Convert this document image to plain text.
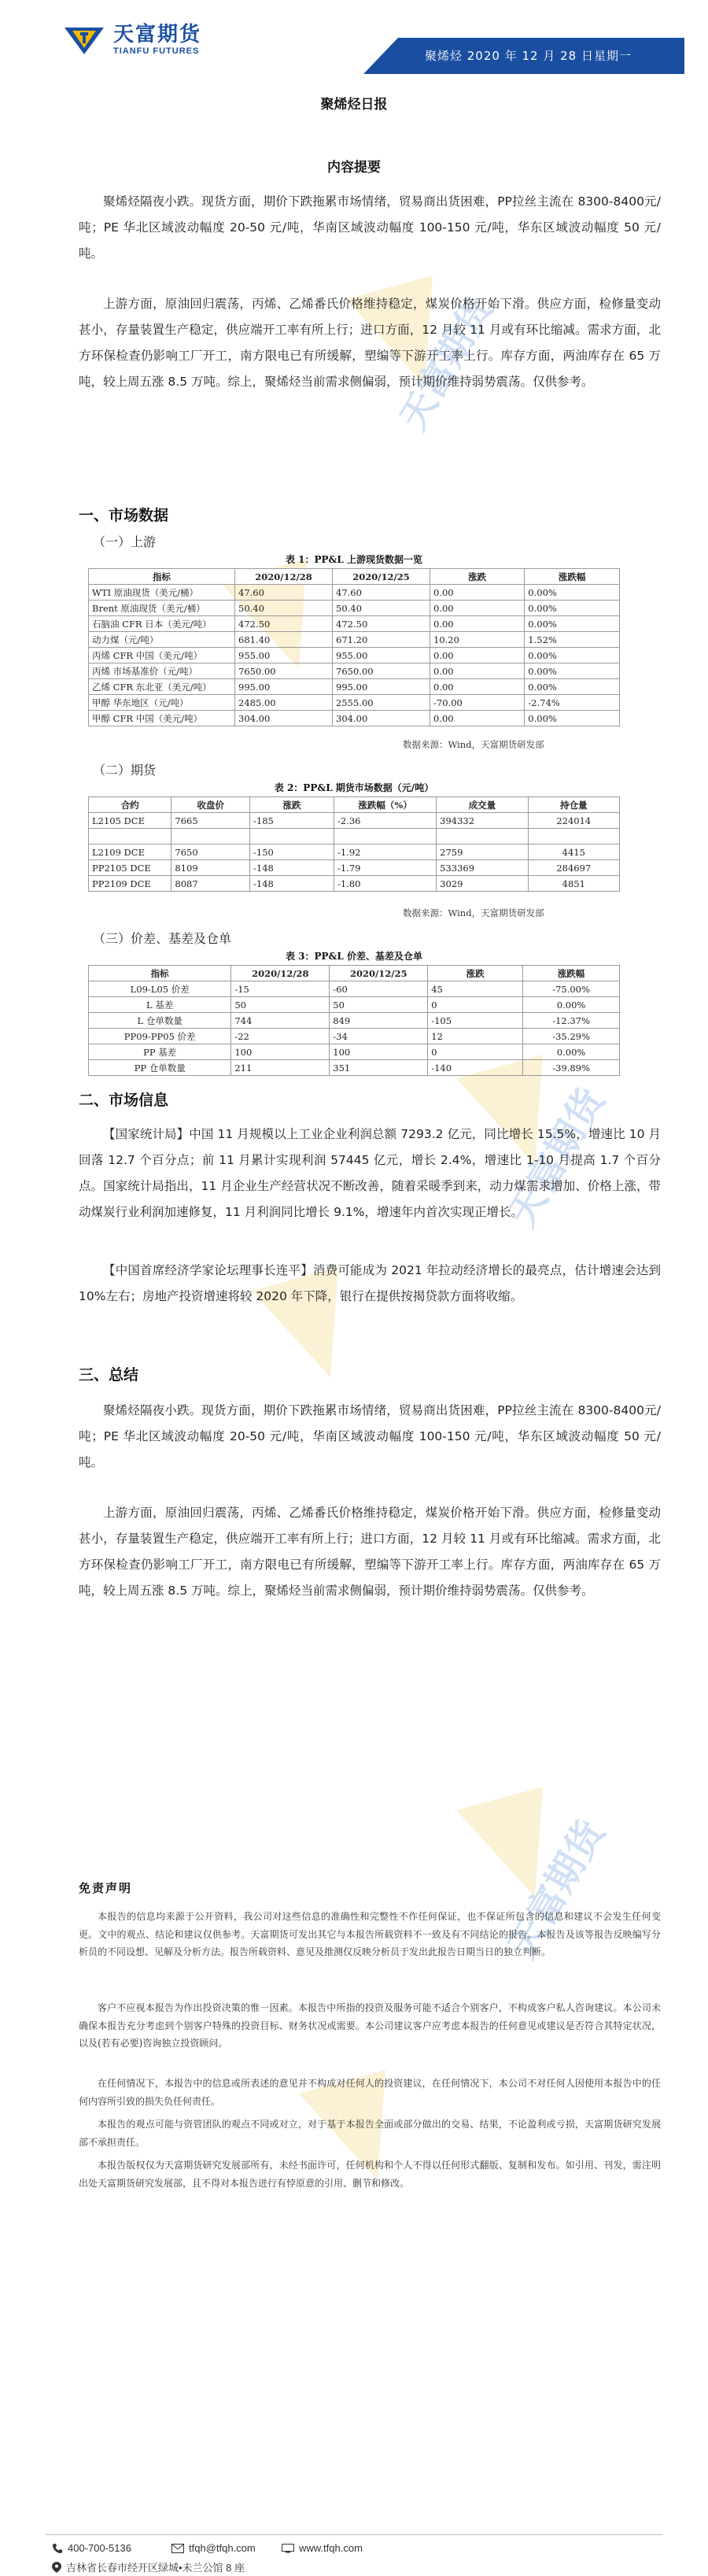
天富期货
TIANFU FUTURES	聚烯烃 2020 年 12 月 28 日星期一
天富期货
天富期货
天富期货
聚烯烃日报
内容提要
聚烯烃隔夜小跌。现货方面，期价下跌拖累市场情绪，贸易商出货困难，PP拉丝主流在 8300-8400元/吨；PE 华北区域波动幅度 20-50 元/吨，华南区域波动幅度 100-150 元/吨，华东区域波动幅度 50 元/吨。
上游方面，原油回归震荡，丙烯、乙烯番氏价格维持稳定，煤炭价格开始下滑。供应方面，检修量变动甚小，存量装置生产稳定，供应端开工率有所上行；进口方面，12 月较 11 月或有环比缩减。需求方面，北方环保检查仍影响工厂开工，南方限电已有所缓解，塑编等下游开工率上行。库存方面，两油库存在 65 万吨，较上周五涨 8.5 万吨。综上，聚烯烃当前需求侧偏弱，预计期价维持弱势震荡。仅供参考。
一、市场数据
（一）上游
表 1：PP&L 上游现货数据一览
指标	2020/12/28	2020/12/25	涨跌	涨跌幅
WTI 原油现货（美元/桶）	47.60	47.60	0.00	0.00%
Brent 原油现货（美元/桶）	50.40	50.40	0.00	0.00%
石脑油 CFR 日本（美元/吨）	472.50	472.50	0.00	0.00%
动力煤（元/吨）	681.40	671.20	10.20	1.52%
丙烯 CFR 中国（美元/吨）	955.00	955.00	0.00	0.00%
丙烯 市场基准价（元/吨）	7650.00	7650.00	0.00	0.00%
乙烯 CFR 东北亚（美元/吨）	995.00	995.00	0.00	0.00%
甲醇 华东地区（元/吨）	2485.00	2555.00	-70.00	-2.74%
甲醇 CFR 中国（美元/吨）	304.00	304.00	0.00	0.00%
数据来源：Wind，天富期货研发部
（二）期货
表 2：PP&L 期货市场数据（元/吨）
合约	收盘价	涨跌	涨跌幅（%）	成交量	持仓量
L2105 DCE	7665	-185	-2.36	394332	224014

L2109 DCE	7650	-150	-1.92	2759	4415
PP2105 DCE	8109	-148	-1.79	533369	284697
PP2109 DCE	8087	-148	-1.80	3029	4851
数据来源：Wind，天富期货研发部
（三）价差、基差及仓单
表 3：PP&L 价差、基差及仓单
指标	2020/12/28	2020/12/25	涨跌	涨跌幅
L09-L05 价差	-15	-60	45	-75.00%
L 基差	50	50	0	0.00%
L 仓单数量	744	849	-105	-12.37%
PP09-PP05 价差	-22	-34	12	-35.29%
PP 基差	100	100	0	0.00%
PP 仓单数量	211	351	-140	-39.89%
二、市场信息
【国家统计局】中国 11 月规模以上工业企业利润总额 7293.2 亿元，同比增长 15.5%，增速比 10 月回落 12.7 个百分点；前 11 月累计实现利润 57445 亿元，增长 2.4%，增速比 1-10 月提高 1.7 个百分点。国家统计局指出，11 月企业生产经营状况不断改善，随着采暖季到来，动力煤需求增加、价格上涨，带动煤炭行业利润加速修复，11 月利润同比增长 9.1%，增速年内首次实现正增长。
【中国首席经济学家论坛理事长连平】消费可能成为 2021 年拉动经济增长的最亮点，估计增速会达到 10%左右；房地产投资增速将较 2020 年下降，银行在提供按揭贷款方面将收缩。
三、总结
聚烯烃隔夜小跌。现货方面，期价下跌拖累市场情绪，贸易商出货困难，PP拉丝主流在 8300-8400元/吨；PE 华北区域波动幅度 20-50 元/吨，华南区域波动幅度 100-150 元/吨，华东区域波动幅度 50 元/吨。
上游方面，原油回归震荡，丙烯、乙烯番氏价格维持稳定，煤炭价格开始下滑。供应方面，检修量变动甚小，存量装置生产稳定，供应端开工率有所上行；进口方面，12 月较 11 月或有环比缩减。需求方面，北方环保检查仍影响工厂开工，南方限电已有所缓解，塑编等下游开工率上行。库存方面，两油库存在 65 万吨，较上周五涨 8.5 万吨。综上，聚烯烃当前需求侧偏弱，预计期价维持弱势震荡。仅供参考。
免责声明
本报告的信息均来源于公开资料，我公司对这些信息的准确性和完整性不作任何保证，也不保证所包含的信息和建议不会发生任何变更。文中的观点、结论和建议仅供参考。天富期货可发出其它与本报告所载资料不一致及有不同结论的报告。本报告及该等报告反映编写分析员的不同设想、见解及分析方法。报告所载资料、意见及推测仅反映分析员于发出此报告日期当日的独立判断。
客户不应视本报告为作出投资决策的惟一因素。本报告中所指的投资及服务可能不适合个别客户，不构成客户私人咨询建议。本公司未确保本报告充分考虑到个别客户特殊的投资目标、财务状况或需要。本公司建议客户应考虑本报告的任何意见或建议是否符合其特定状况，以及(若有必要)咨询独立投资顾问。
在任何情况下，本报告中的信息或所表述的意见并不构成对任何人的投资建议，在任何情况下，本公司不对任何人因使用本报告中的任何内容所引致的损失负任何责任。
本报告的观点可能与资管团队的观点不同或对立，对于基于本报告全面或部分做出的交易、结果，不论盈利或亏损，天富期货研究发展部不承担责任。
本报告版权仅为天富期货研究发展部所有，未经书面许可，任何机构和个人不得以任何形式翻版、复制和发布。如引用、刊发，需注明出处天富期货研究发展部，且不得对本报告进行有悖原意的引用、删节和修改。
400-700-5136	tfqh@tfqh.com	www.tfqh.com
吉林省长春市经开区绿城•未兰公馆 8 座
